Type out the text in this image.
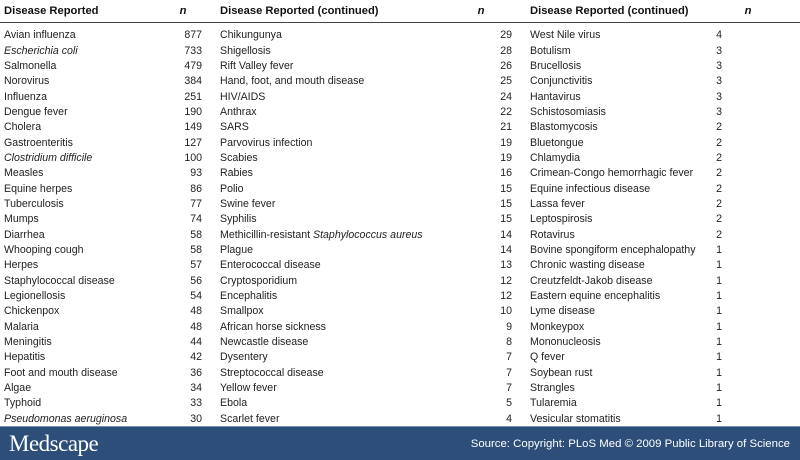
Disease Reported	n	Disease Reported (continued)	n	Disease Reported (continued)	n

Avian influenza	877	Chikungunya	29	West Nile virus	4
Escherichia coli	733	Shigellosis	28	Botulism	3
Salmonella	479	Rift Valley fever	26	Brucellosis	3
Norovirus	384	Hand, foot, and mouth disease	25	Conjunctivitis	3
Influenza	251	HIV/AIDS	24	Hantavirus	3
Dengue fever	190	Anthrax	22	Schistosomiasis	3
Cholera	149	SARS	21	Blastomycosis	2
Gastroenteritis	127	Parvovirus infection	19	Bluetongue	2
Clostridium difficile	100	Scabies	19	Chlamydia	2
Measles	93	Rabies	16	Crimean-Congo hemorrhagic fever	2
Equine herpes	86	Polio	15	Equine infectious disease	2
Tuberculosis	77	Swine fever	15	Lassa fever	2
Mumps	74	Syphilis	15	Leptospirosis	2
Diarrhea	58	Methicillin-resistant Staphylococcus aureus	14	Rotavirus	2
Whooping cough	58	Plague	14	Bovine spongiform encephalopathy	1
Herpes	57	Enterococcal disease	13	Chronic wasting disease	1
Staphylococcal disease	56	Cryptosporidium	12	Creutzfeldt-Jakob disease	1
Legionellosis	54	Encephalitis	12	Eastern equine encephalitis	1
Chickenpox	48	Smallpox	10	Lyme disease	1
Malaria	48	African horse sickness	9	Monkeypox	1
Meningitis	44	Newcastle disease	8	Mononucleosis	1
Hepatitis	42	Dysentery	7	Q fever	1
Foot and mouth disease	36	Streptococcal disease	7	Soybean rust	1
Algae	34	Yellow fever	7	Strangles	1
Typhoid	33	Ebola	5	Tularemia	1
Pseudomonas aeruginosa	30	Scarlet fever	4	Vesicular stomatitis	1
Medscape	Source: Copyright: PLoS Med © 2009 Public Library of Science
